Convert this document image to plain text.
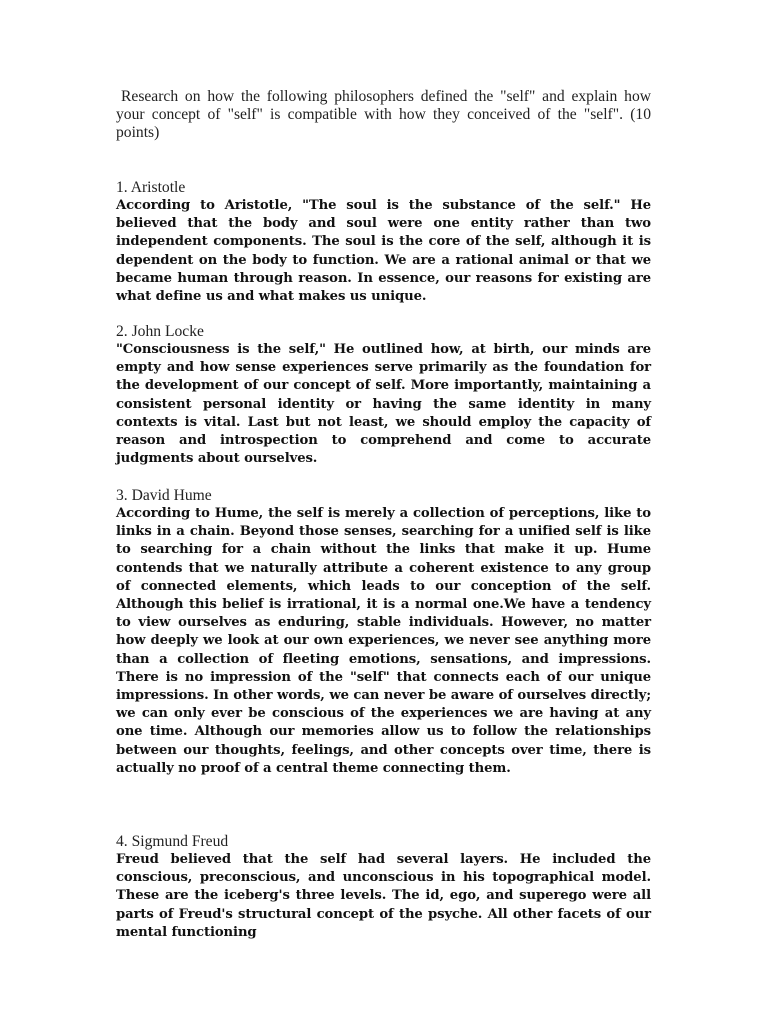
Research on how the following philosophers defined the "self" and explain how your concept of "self" is compatible with how they conceived of the "self". (10 points)

1. Aristotle

According to Aristotle, "The soul is the substance of the self." He believed that the body and soul were one entity rather than two independent components. The soul is the core of the self, although it is dependent on the body to function. We are a rational animal or that we became human through reason. In essence, our reasons for existing are what define us and what makes us unique.

2. John Locke

"Consciousness is the self," He outlined how, at birth, our minds are empty and how sense experiences serve primarily as the foundation for the development of our concept of self. More importantly, maintaining a consistent personal identity or having the same identity in many contexts is vital. Last but not least, we should employ the capacity of reason and introspection to comprehend and come to accurate judgments about ourselves.

3. David Hume

According to Hume, the self is merely a collection of perceptions, like to links in a chain. Beyond those senses, searching for a unified self is like to searching for a chain without the links that make it up. Hume contends that we naturally attribute a coherent existence to any group of connected elements, which leads to our conception of the self. Although this belief is irrational, it is a normal one.We have a tendency to view ourselves as enduring, stable individuals. However, no matter how deeply we look at our own experiences, we never see anything more than a collection of fleeting emotions, sensations, and impressions. There is no impression of the "self" that connects each of our unique impressions. In other words, we can never be aware of ourselves directly; we can only ever be conscious of the experiences we are having at any one time. Although our memories allow us to follow the relationships between our thoughts, feelings, and other concepts over time, there is actually no proof of a central theme connecting them.

4. Sigmund Freud

Freud believed that the self had several layers. He included the conscious, preconscious, and unconscious in his topographical model. These are the iceberg's three levels. The id, ego, and superego were all parts of Freud's structural concept of the psyche. All other facets of our mental functioning
